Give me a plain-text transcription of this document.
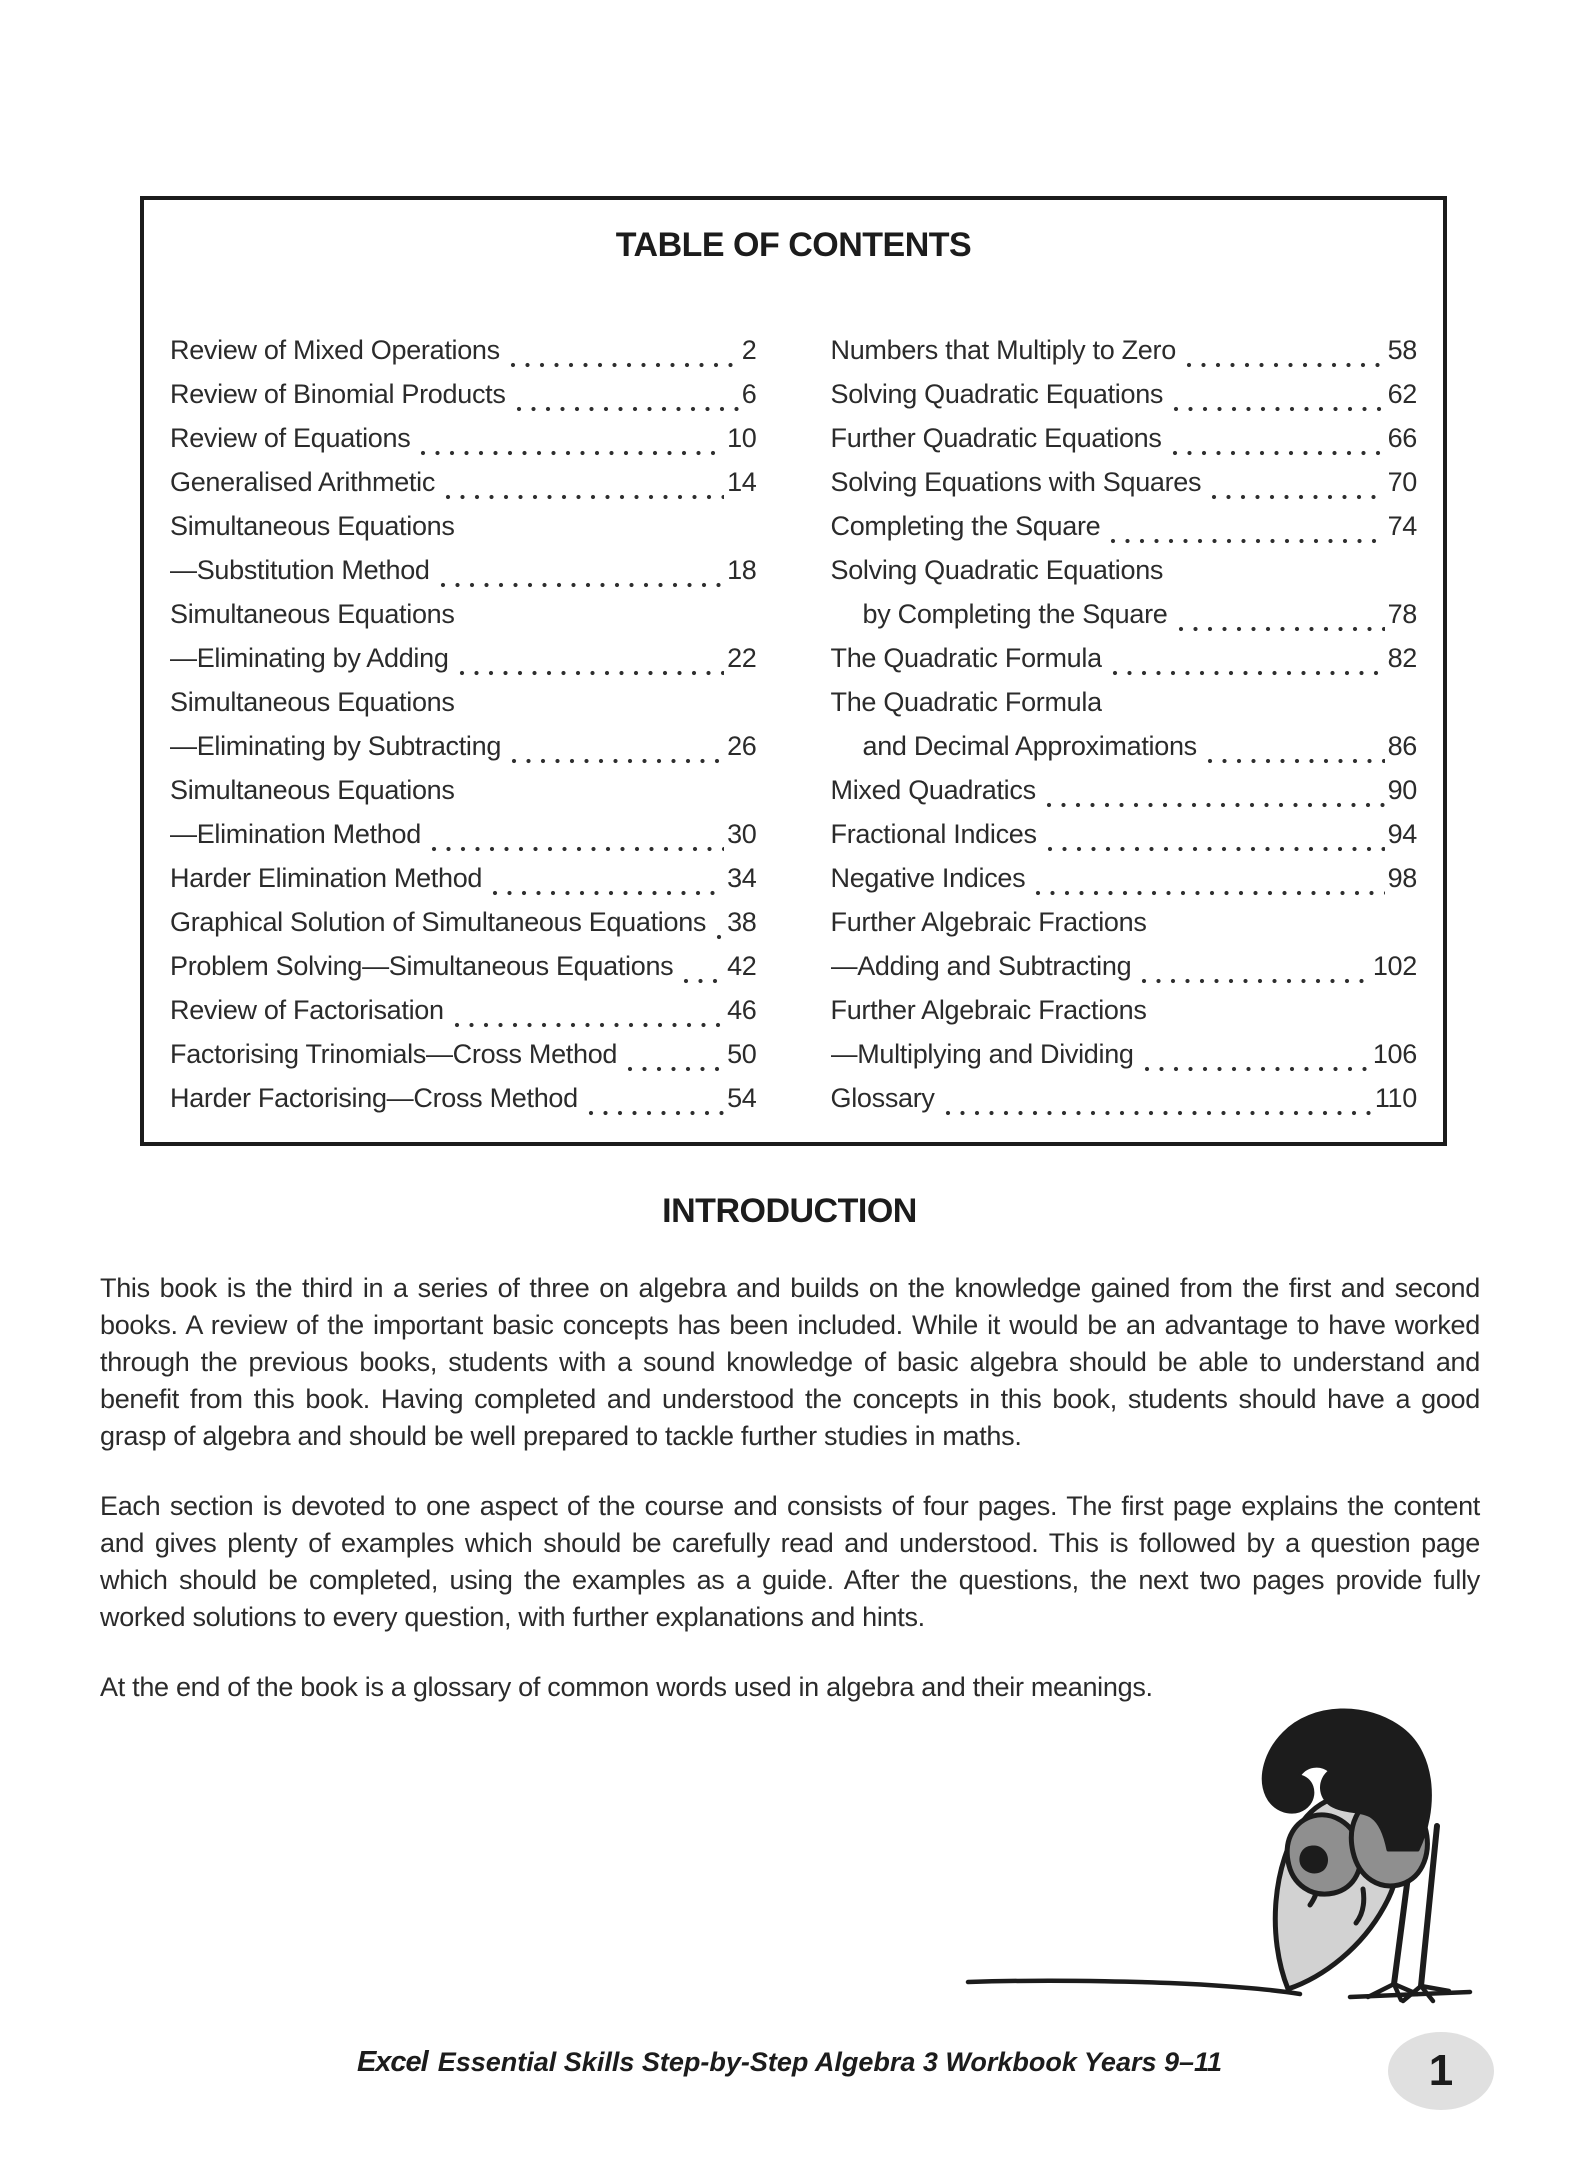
TABLE OF CONTENTS
Review of Mixed Operations	2
Review of Binomial Products	6
Review of Equations	10
Generalised Arithmetic	14
Simultaneous Equations
—Substitution Method	18
Simultaneous Equations
—Eliminating by Adding	22
Simultaneous Equations
—Eliminating by Subtracting	26
Simultaneous Equations
—Elimination Method	30
Harder Elimination Method	34
Graphical Solution of Simultaneous Equations 38
Problem Solving—Simultaneous Equations 42
Review of Factorisation	46
Factorising Trinomials—Cross Method	50
Harder Factorising—Cross Method	54
Numbers that Multiply to Zero	58
Solving Quadratic Equations	62
Further Quadratic Equations	66
Solving Equations with Squares	70
Completing the Square	74
Solving Quadratic Equations
by Completing the Square	78
The Quadratic Formula	82
The Quadratic Formula
and Decimal Approximations	86
Mixed Quadratics	90
Fractional Indices	94
Negative Indices	98
Further Algebraic Fractions
—Adding and Subtracting	102
Further Algebraic Fractions
—Multiplying and Dividing	106
Glossary	110
INTRODUCTION

This book is the third in a series of three on algebra and builds on the knowledge gained from the first and second books. A review of the important basic concepts has been included. While it would be an advantage to have worked through the previous books, students with a sound knowledge of basic algebra should be able to understand and benefit from this book. Having completed and understood the concepts in this book, students should have a good grasp of algebra and should be well prepared to tackle further studies in maths.

Each section is devoted to one aspect of the course and consists of four pages. The first page explains the content and gives plenty of examples which should be carefully read and understood. This is followed by a question page which should be completed, using the examples as a guide. After the questions, the next two pages provide fully worked solutions to every question, with further explanations and hints.

At the end of the book is a glossary of common words used in algebra and their meanings.

Excel Essential Skills Step-by-Step Algebra 3 Workbook Years 9–11	1
